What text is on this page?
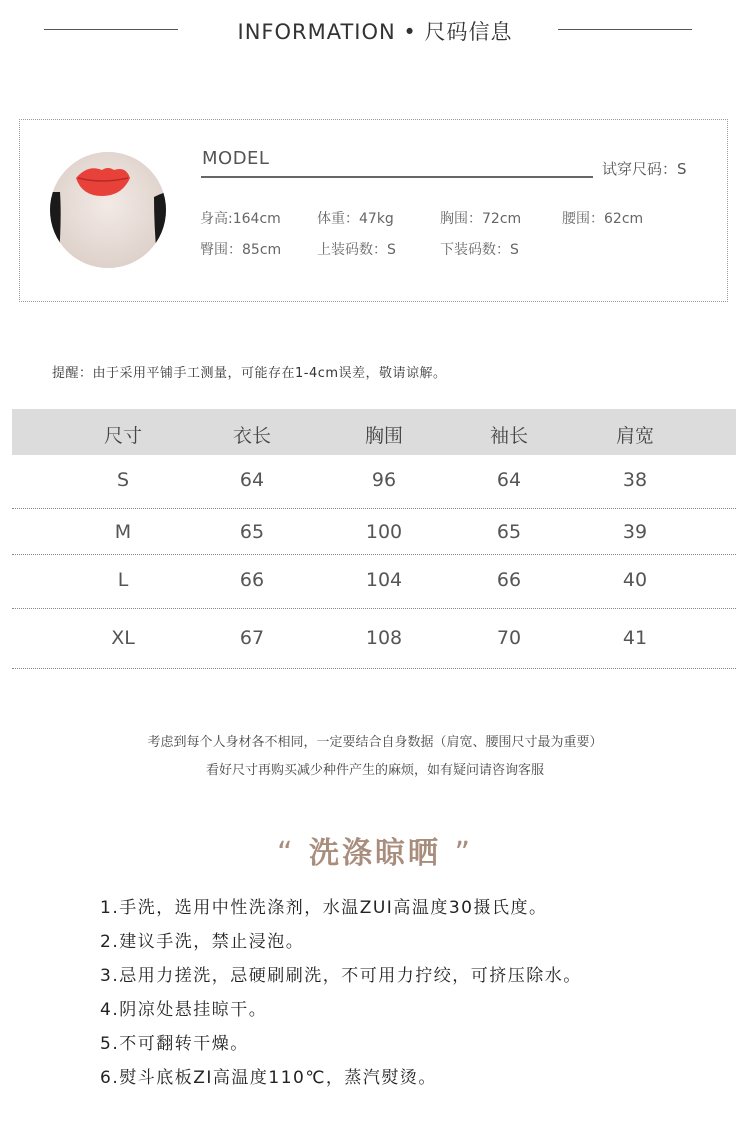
INFORMATION • 尺码信息
MODEL	试穿尺码：S
身高:164cm	体重：47kg	胸围：72cm	腰围：62cm
臀围：85cm	上装码数：S	下装码数：S
提醒：由于采用平铺手工测量，可能存在1-4cm误差，敬请谅解。
尺寸	衣长	胸围	袖长	肩宽
S	64	96	64	38
M	65	100	65	39
L	66	104	66	40
XL	67	108	70	41
考虑到每个人身材各不相同，一定要结合自身数据（肩宽、腰围尺寸最为重要）
看好尺寸再购买减少种件产生的麻烦，如有疑问请咨询客服
“ 洗涤晾晒 ”
1.手洗，选用中性洗涤剂，水温ZUI高温度30摄氏度。
2.建议手洗，禁止浸泡。
3.忌用力搓洗，忌硬刷刷洗，不可用力拧绞，可挤压除水。
4.阴凉处悬挂晾干。
5.不可翻转干燥。
6.熨斗底板ZI高温度110℃，蒸汽熨烫。
